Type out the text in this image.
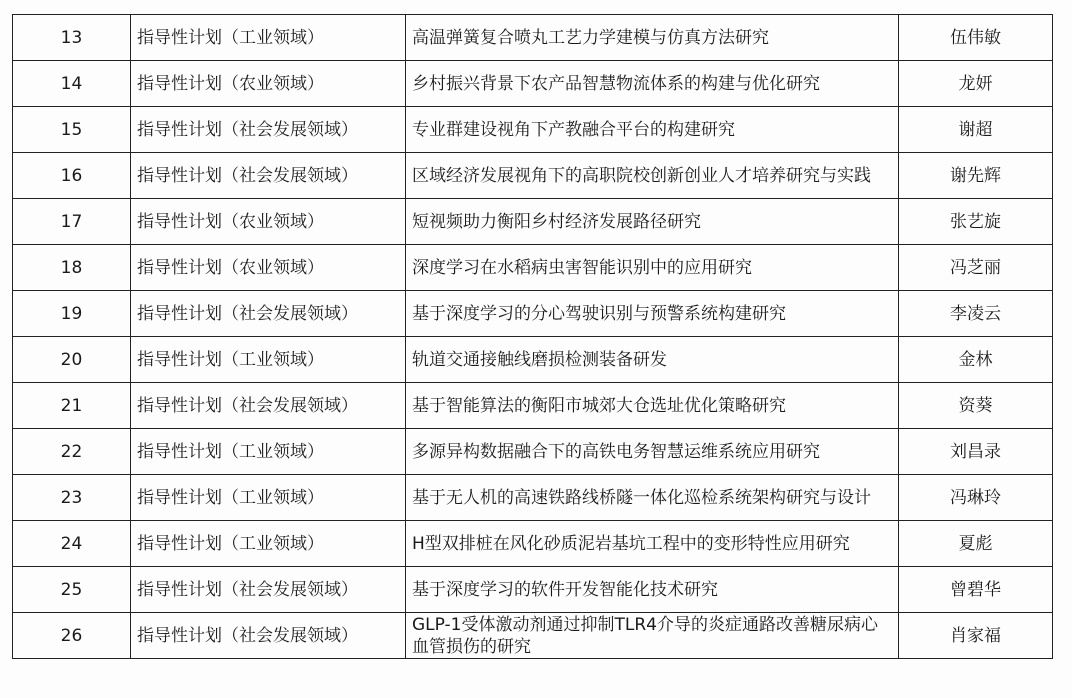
13	指导性计划（工业领域）	高温弹簧复合喷丸工艺力学建模与仿真方法研究	伍伟敏
14	指导性计划（农业领域）	乡村振兴背景下农产品智慧物流体系的构建与优化研究	龙妍
15	指导性计划（社会发展领域）	专业群建设视角下产教融合平台的构建研究	谢超
16	指导性计划（社会发展领域）	区域经济发展视角下的高职院校创新创业人才培养研究与实践	谢先辉
17	指导性计划（农业领域）	短视频助力衡阳乡村经济发展路径研究	张艺旋
18	指导性计划（农业领域）	深度学习在水稻病虫害智能识别中的应用研究	冯芝丽
19	指导性计划（社会发展领域）	基于深度学习的分心驾驶识别与预警系统构建研究	李凌云
20	指导性计划（工业领域）	轨道交通接触线磨损检测装备研发	金林
21	指导性计划（社会发展领域）	基于智能算法的衡阳市城郊大仓选址优化策略研究	资葵
22	指导性计划（工业领域）	多源异构数据融合下的高铁电务智慧运维系统应用研究	刘昌录
23	指导性计划（工业领域）	基于无人机的高速铁路线桥隧一体化巡检系统架构研究与设计	冯琳玲
24	指导性计划（工业领域）	H型双排桩在风化砂质泥岩基坑工程中的变形特性应用研究	夏彪
25	指导性计划（社会发展领域）	基于深度学习的软件开发智能化技术研究	曾碧华
26	指导性计划（社会发展领域）	GLP-1受体激动剂通过抑制TLR4介导的炎症通路改善糖尿病心血管损伤的研究	肖家福
